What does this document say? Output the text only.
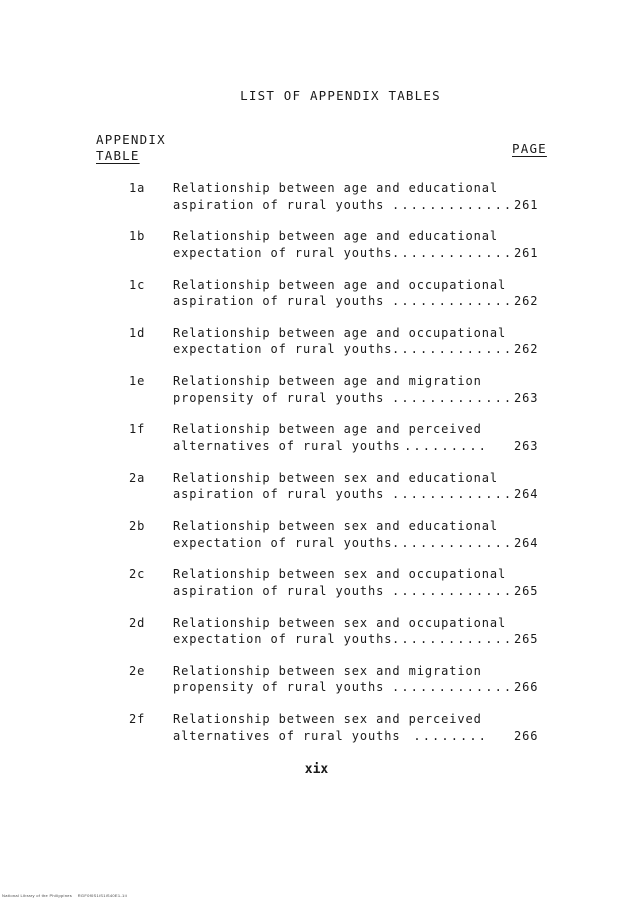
LIST OF APPENDIX TABLES
APPENDIX
TABLE	PAGE
1a Relationship between age and educational
aspiration of rural youths ............. 261
1b Relationship between age and educational
expectation of rural youths ............. 261
1c Relationship between age and occupational
aspiration of rural youths ............. 262
1d Relationship between age and occupational
expectation of rural youths ............. 262
1e Relationship between age and migration
propensity of rural youths ............. 263
1f Relationship between age and perceived
alternatives of rural youths ......... 263
2a Relationship between sex and educational
aspiration of rural youths ............. 264
2b Relationship between sex and educational
expectation of rural youths ............. 264
2c Relationship between sex and occupational
aspiration of rural youths ............. 265
2d Relationship between sex and occupational
expectation of rural youths ............. 265
2e Relationship between sex and migration
propensity of rural youths ............. 266
2f Relationship between sex and perceived
alternatives of rural youths	........ 266
xix
National Library of the Philippines    RGF0f0S1iS1iS40E1-1ii
